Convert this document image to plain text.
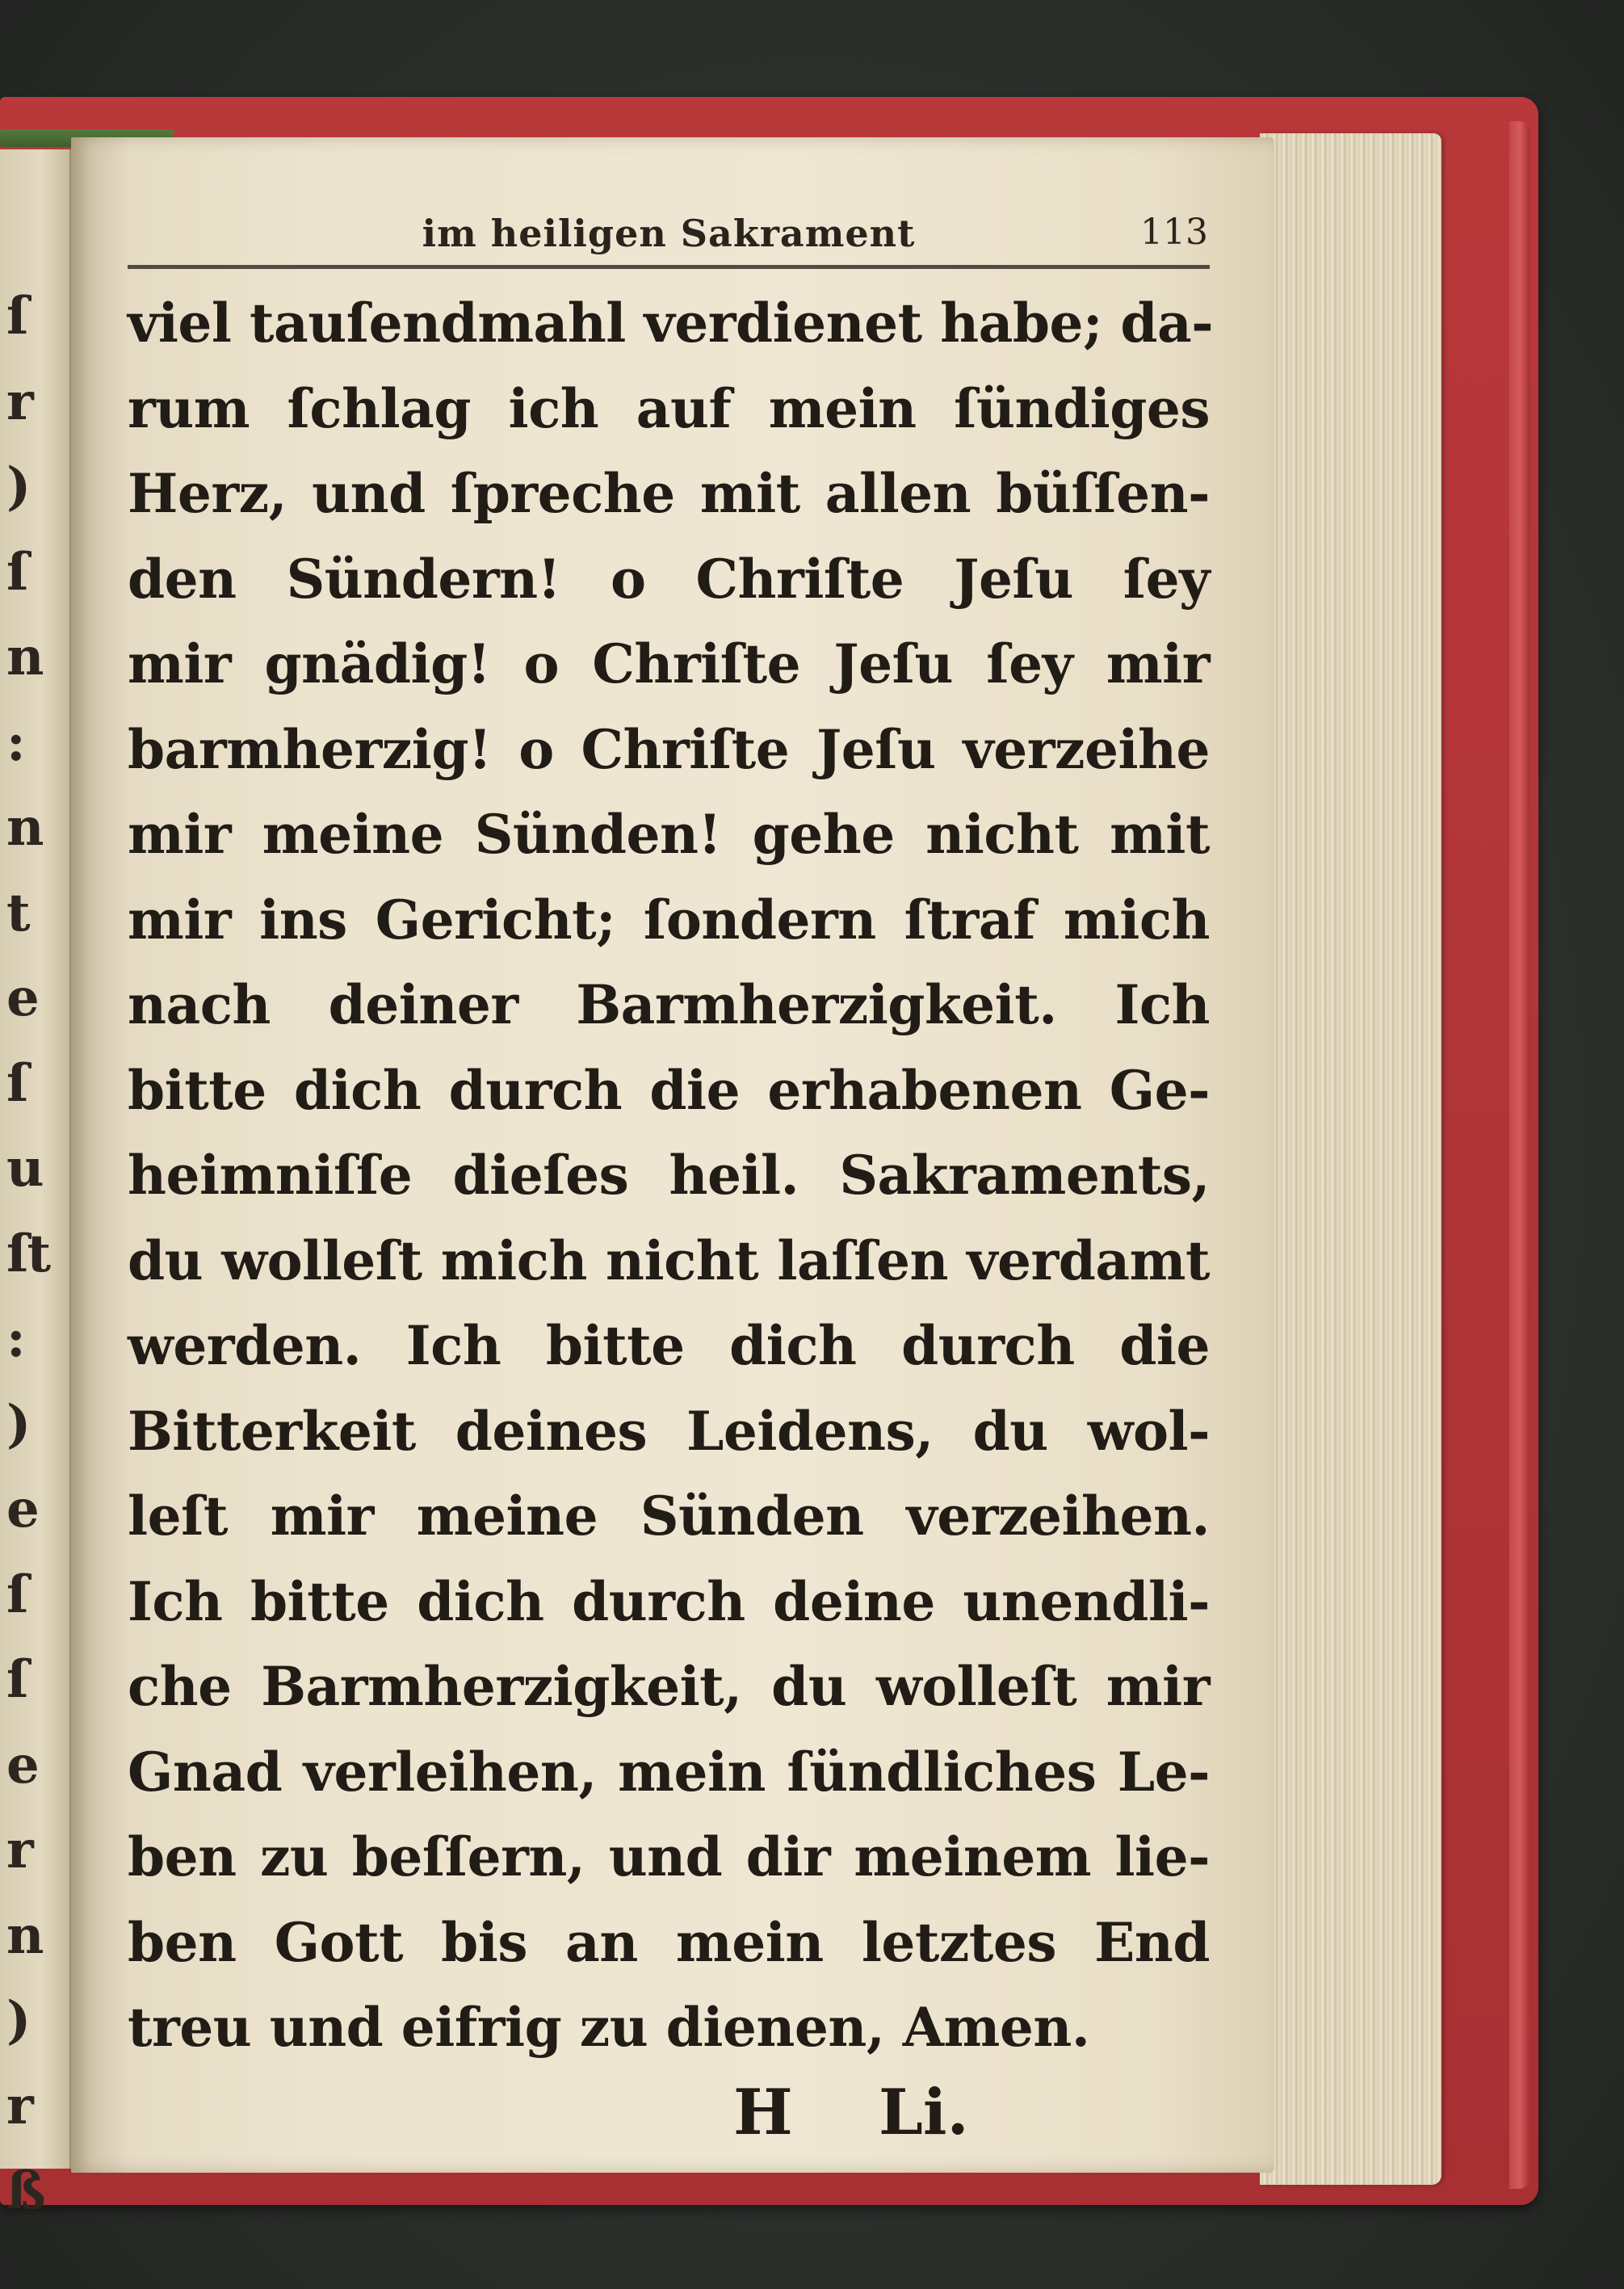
ſ
r
)
ſ
n
:
n
t
e
ſ
u
ſt
:
)
e
ſ
ſ
e
r
n
)
r
ß
im heiligen Sakrament	113
viel tauſendmahl verdienet habe; da-
rum ſchlag ich auf mein ſündiges
Herz, und ſpreche mit allen büſſen-
den Sündern! o Chriſte Jeſu ſey
mir gnädig! o Chriſte Jeſu ſey mir
barmherzig! o Chriſte Jeſu verzeihe
mir meine Sünden! gehe nicht mit
mir ins Gericht; ſondern ſtraf mich
nach deiner Barmherzigkeit. Ich
bitte dich durch die erhabenen Ge-
heimniſſe dieſes heil. Sakraments,
du wolleſt mich nicht laſſen verdamt
werden. Ich bitte dich durch die
Bitterkeit deines Leidens, du wol-
leſt mir meine Sünden verzeihen.
Ich bitte dich durch deine unendli-
che Barmherzigkeit, du wolleſt mir
Gnad verleihen, mein ſündliches Le-
ben zu beſſern, und dir meinem lie-
ben Gott bis an mein letztes End
treu und eifrig zu dienen, Amen.
H Li.
